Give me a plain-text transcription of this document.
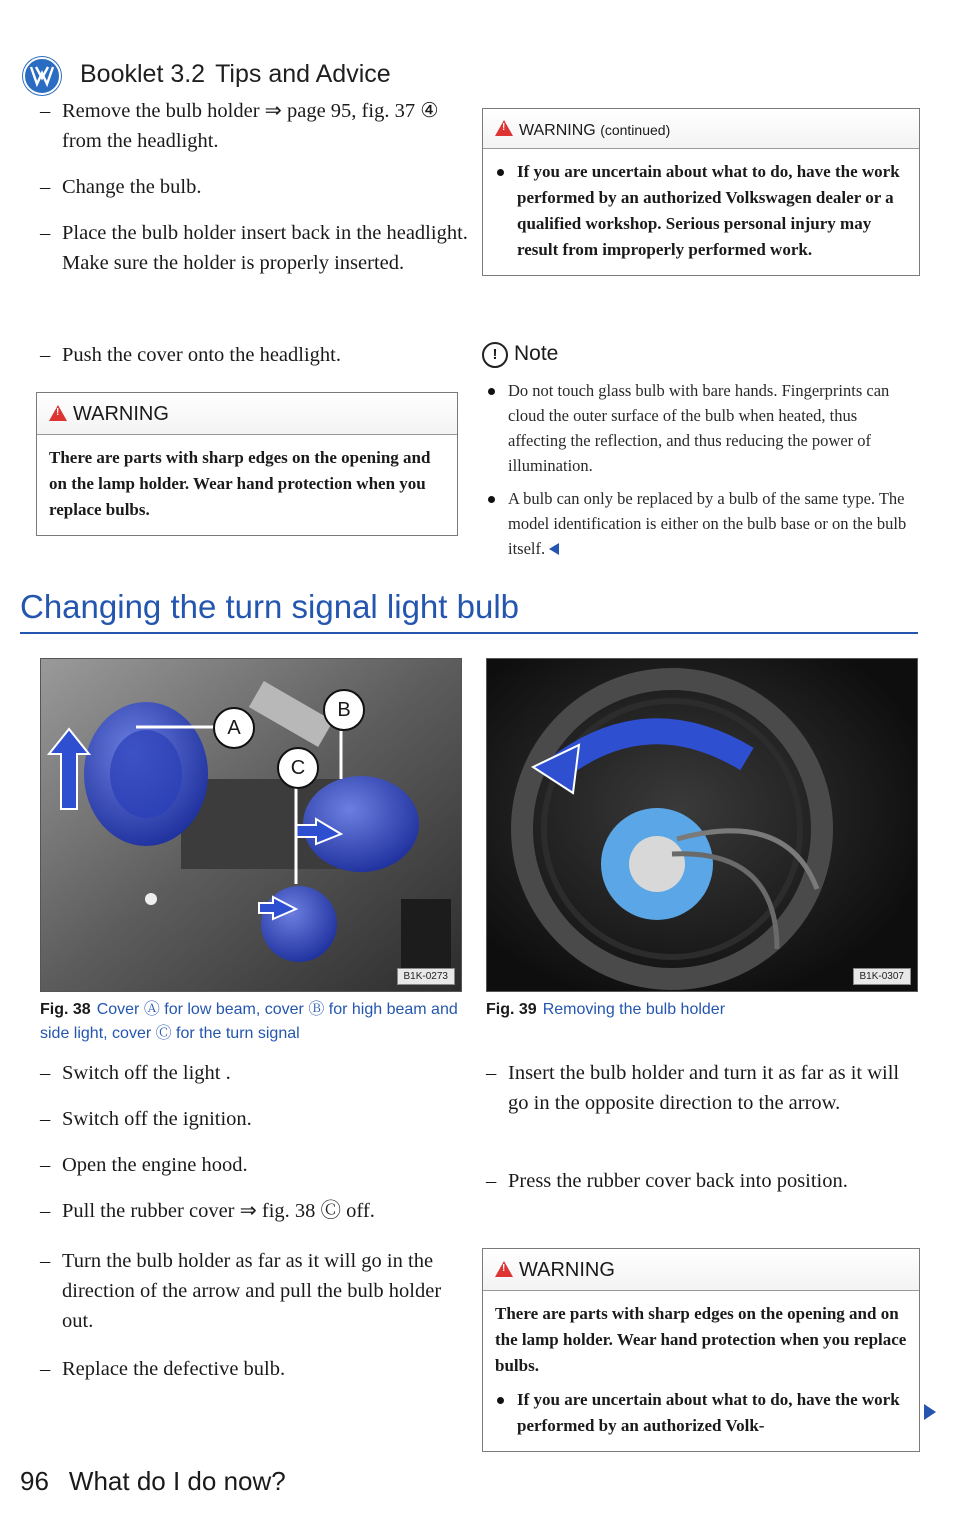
Booklet 3.2 Tips and Advice
– Remove the bulb holder ⇒ page 95, fig. 37 ④ from the headlight.
– Change the bulb.
– Place the bulb holder insert back in the headlight. Make sure the holder is properly inserted.
– Push the cover onto the headlight.
!WARNING
There are parts with sharp edges on the opening and on the lamp holder. Wear hand protection when you replace bulbs.
!WARNING (continued)
If you are uncertain about what to do, have the work performed by an authorized Volkswagen dealer or a qualified workshop. Serious personal injury may result from improperly performed work.
! Note
Do not touch glass bulb with bare hands. Fingerprints can cloud the outer surface of the bulb when heated, thus affecting the reflection, and thus reducing the power of illumination.
A bulb can only be replaced by a bulb of the same type. The model identification is either on the bulb base or on the bulb itself.
Changing the turn signal light bulb
A
B
C
B1K-0273
Fig. 38 Cover Ⓐ for low beam, cover Ⓑ for high beam and side light, cover Ⓒ for the turn signal
B1K-0307
Fig. 39 Removing the bulb holder
– Switch off the light .
– Switch off the ignition.
– Open the engine hood.
– Pull the rubber cover ⇒ fig. 38 Ⓒ off.
– Turn the bulb holder as far as it will go in the direction of the arrow and pull the bulb holder out.
– Replace the defective bulb.
– Insert the bulb holder and turn it as far as it will go in the opposite direction to the arrow.
– Press the rubber cover back into position.
!WARNING
There are parts with sharp edges on the opening and on the lamp holder. Wear hand protection when you replace bulbs.
If you are uncertain about what to do, have the work performed by an authorized Volk-
96 What do I do now?
